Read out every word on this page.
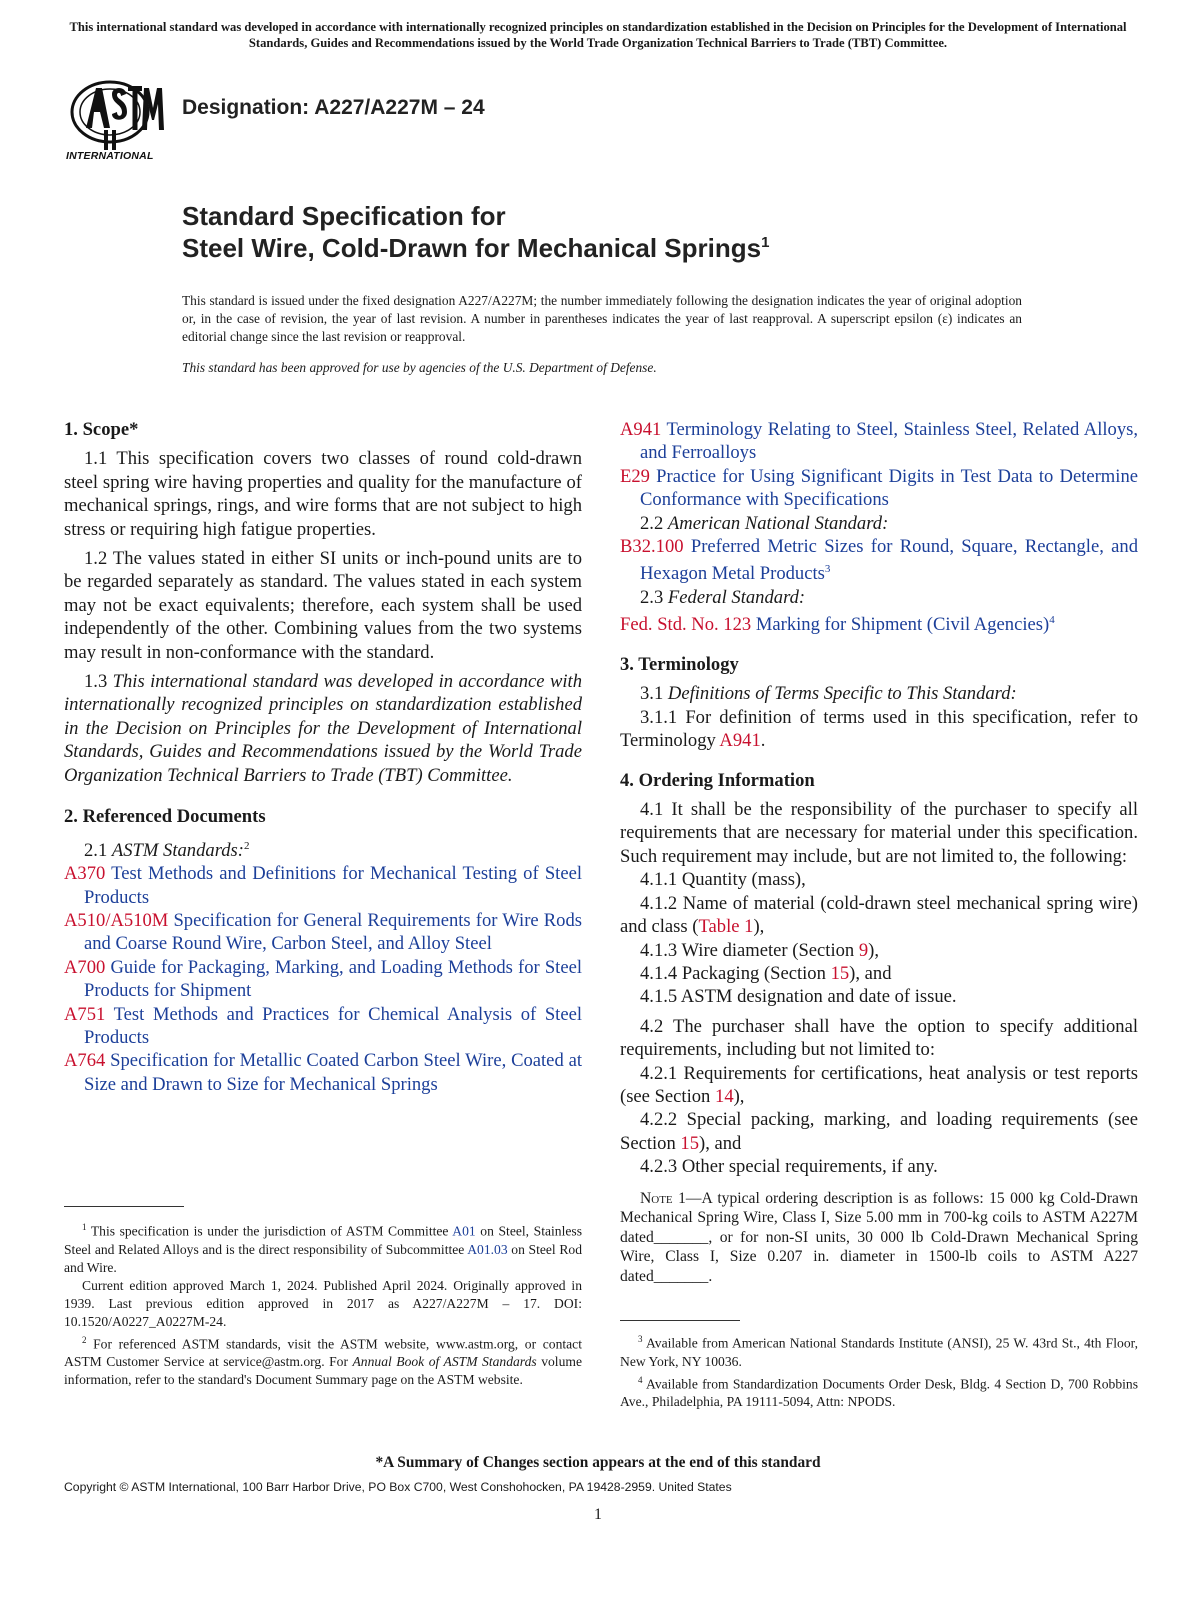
This international standard was developed in accordance with internationally recognized principles on standardization established in the Decision on Principles for the Development of International Standards, Guides and Recommendations issued by the World Trade Organization Technical Barriers to Trade (TBT) Committee.
INTERNATIONAL
Designation: A227/A227M – 24
Standard Specification for
Steel Wire, Cold-Drawn for Mechanical Springs$^1$
This standard is issued under the fixed designation A227/A227M; the number immediately following the designation indicates the year of original adoption or, in the case of revision, the year of last revision. A number in parentheses indicates the year of last reapproval. A superscript epsilon (ε) indicates an editorial change since the last revision or reapproval.
This standard has been approved for use by agencies of the U.S. Department of Defense.

1. Scope*

1.1 This specification covers two classes of round cold-drawn steel spring wire having properties and quality for the manufacture of mechanical springs, rings, and wire forms that are not subject to high stress or requiring high fatigue properties.

1.2 The values stated in either SI units or inch-pound units are to be regarded separately as standard. The values stated in each system may not be exact equivalents; therefore, each system shall be used independently of the other. Combining values from the two systems may result in non-conformance with the standard.

1.3 This international standard was developed in accordance with internationally recognized principles on standardization established in the Decision on Principles for the Development of International Standards, Guides and Recommendations issued by the World Trade Organization Technical Barriers to Trade (TBT) Committee.

2. Referenced Documents

2.1 ASTM Standards:$^2$

A370 Test Methods and Definitions for Mechanical Testing of Steel Products
A510/A510M Specification for General Requirements for Wire Rods and Coarse Round Wire, Carbon Steel, and Alloy Steel
A700 Guide for Packaging, Marking, and Loading Methods for Steel Products for Shipment
A751 Test Methods and Practices for Chemical Analysis of Steel Products
A764 Specification for Metallic Coated Carbon Steel Wire, Coated at Size and Drawn to Size for Mechanical Springs

$^1$ This specification is under the jurisdiction of ASTM Committee A01 on Steel, Stainless Steel and Related Alloys and is the direct responsibility of Subcommittee A01.03 on Steel Rod and Wire.

Current edition approved March 1, 2024. Published April 2024. Originally approved in 1939. Last previous edition approved in 2017 as A227/A227M – 17. DOI: 10.1520/A0227_A0227M-24.

$^2$ For referenced ASTM standards, visit the ASTM website, www.astm.org, or contact ASTM Customer Service at service@astm.org. For Annual Book of ASTM Standards volume information, refer to the standard's Document Summary page on the ASTM website.

A941 Terminology Relating to Steel, Stainless Steel, Related Alloys, and Ferroalloys
E29 Practice for Using Significant Digits in Test Data to Determine Conformance with Specifications

2.2 American National Standard:

B32.100 Preferred Metric Sizes for Round, Square, Rectangle, and Hexagon Metal Products$^3$

2.3 Federal Standard:

Fed. Std. No. 123 Marking for Shipment (Civil Agencies)$^4$

3. Terminology

3.1 Definitions of Terms Specific to This Standard:

3.1.1 For definition of terms used in this specification, refer to Terminology A941.

4. Ordering Information

4.1 It shall be the responsibility of the purchaser to specify all requirements that are necessary for material under this specification. Such requirement may include, but are not limited to, the following:

4.1.1 Quantity (mass),

4.1.2 Name of material (cold-drawn steel mechanical spring wire) and class (Table 1),

4.1.3 Wire diameter (Section 9),

4.1.4 Packaging (Section 15), and

4.1.5 ASTM designation and date of issue.

4.2 The purchaser shall have the option to specify additional requirements, including but not limited to:

4.2.1 Requirements for certifications, heat analysis or test reports (see Section 14),

4.2.2 Special packing, marking, and loading requirements (see Section 15), and

4.2.3 Other special requirements, if any.

Note 1—A typical ordering description is as follows: 15 000 kg Cold-Drawn Mechanical Spring Wire, Class I, Size 5.00 mm in 700-kg coils to ASTM A227M dated_______, or for non-SI units, 30 000 lb Cold-Drawn Mechanical Spring Wire, Class I, Size 0.207 in. diameter in 1500-lb coils to ASTM A227 dated_______.

$^3$ Available from American National Standards Institute (ANSI), 25 W. 43rd St., 4th Floor, New York, NY 10036.

$^4$ Available from Standardization Documents Order Desk, Bldg. 4 Section D, 700 Robbins Ave., Philadelphia, PA 19111-5094, Attn: NPODS.

*A Summary of Changes section appears at the end of this standard
Copyright © ASTM International, 100 Barr Harbor Drive, PO Box C700, West Conshohocken, PA 19428-2959. United States
1
